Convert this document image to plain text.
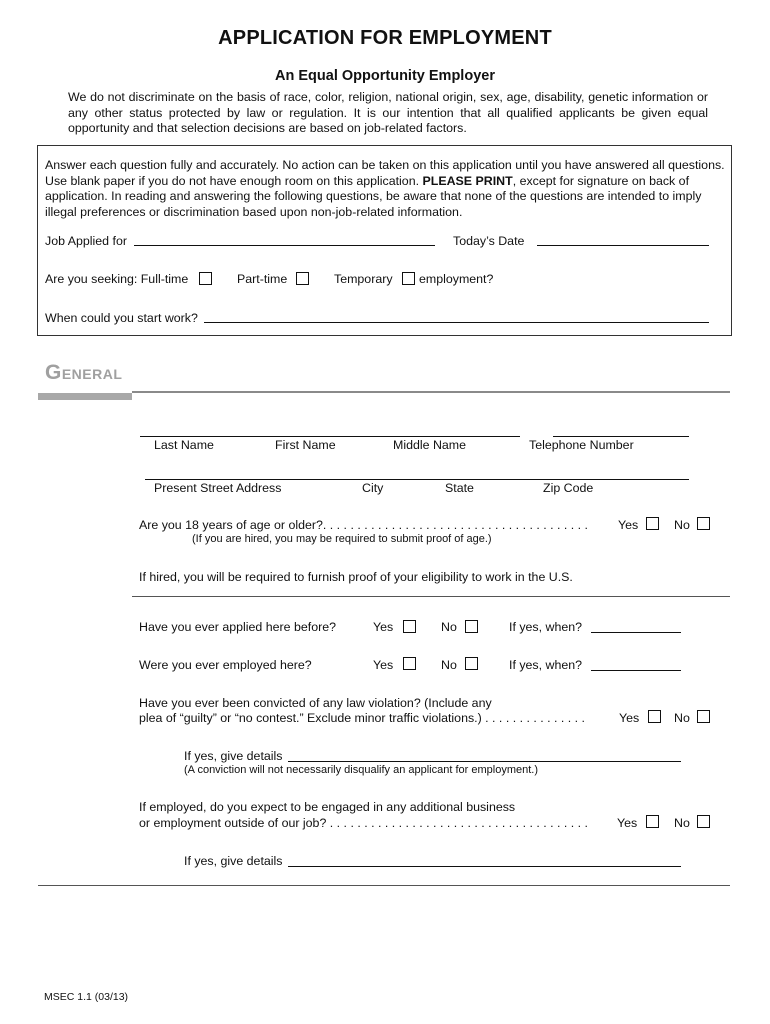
APPLICATION FOR EMPLOYMENT
An Equal Opportunity Employer
We do not discriminate on the basis of race, color, religion, national origin, sex, age, disability, genetic information or any other status protected by law or regulation. It is our intention that all qualified applicants be given equal opportunity and that selection decisions are based on job-related factors.
Answer each question fully and accurately. No action can be taken on this application until you have answered all questions. Use blank paper if you do not have enough room on this application. PLEASE PRINT, except for signature on back of application. In reading and answering the following questions, be aware that none of the questions are intended to imply illegal preferences or discrimination based upon non-job-related information.
Job Applied for	Today’s Date
Are you seeking: Full-time	Part-time	Temporary employment?
When could you start work?
GENERAL
Last Name	First Name	Middle Name	Telephone Number
Present Street Address	City	State	Zip Code
Are you 18 years of age or older?. . . . . . . . . . . . . . . . . . . . . . . . . . . . . . . . . . . . . . . Yes	No
(If you are hired, you may be required to submit proof of age.)
If hired, you will be required to furnish proof of your eligibility to work in the U.S.
Have you ever applied here before?	Yes	No	If yes, when?
Were you ever employed here?	Yes	No	If yes, when?
Have you ever been convicted of any law violation? (Include any
plea of “guilty” or “no contest.” Exclude minor traffic violations.) . . . . . . . . . . . . . . .	Yes	No
If yes, give details
(A conviction will not necessarily disqualify an applicant for employment.)
If employed, do you expect to be engaged in any additional business
or employment outside of our job? . . . . . . . . . . . . . . . . . . . . . . . . . . . . . . . . . . . . . . Yes	No
If yes, give details
MSEC 1.1 (03/13)
